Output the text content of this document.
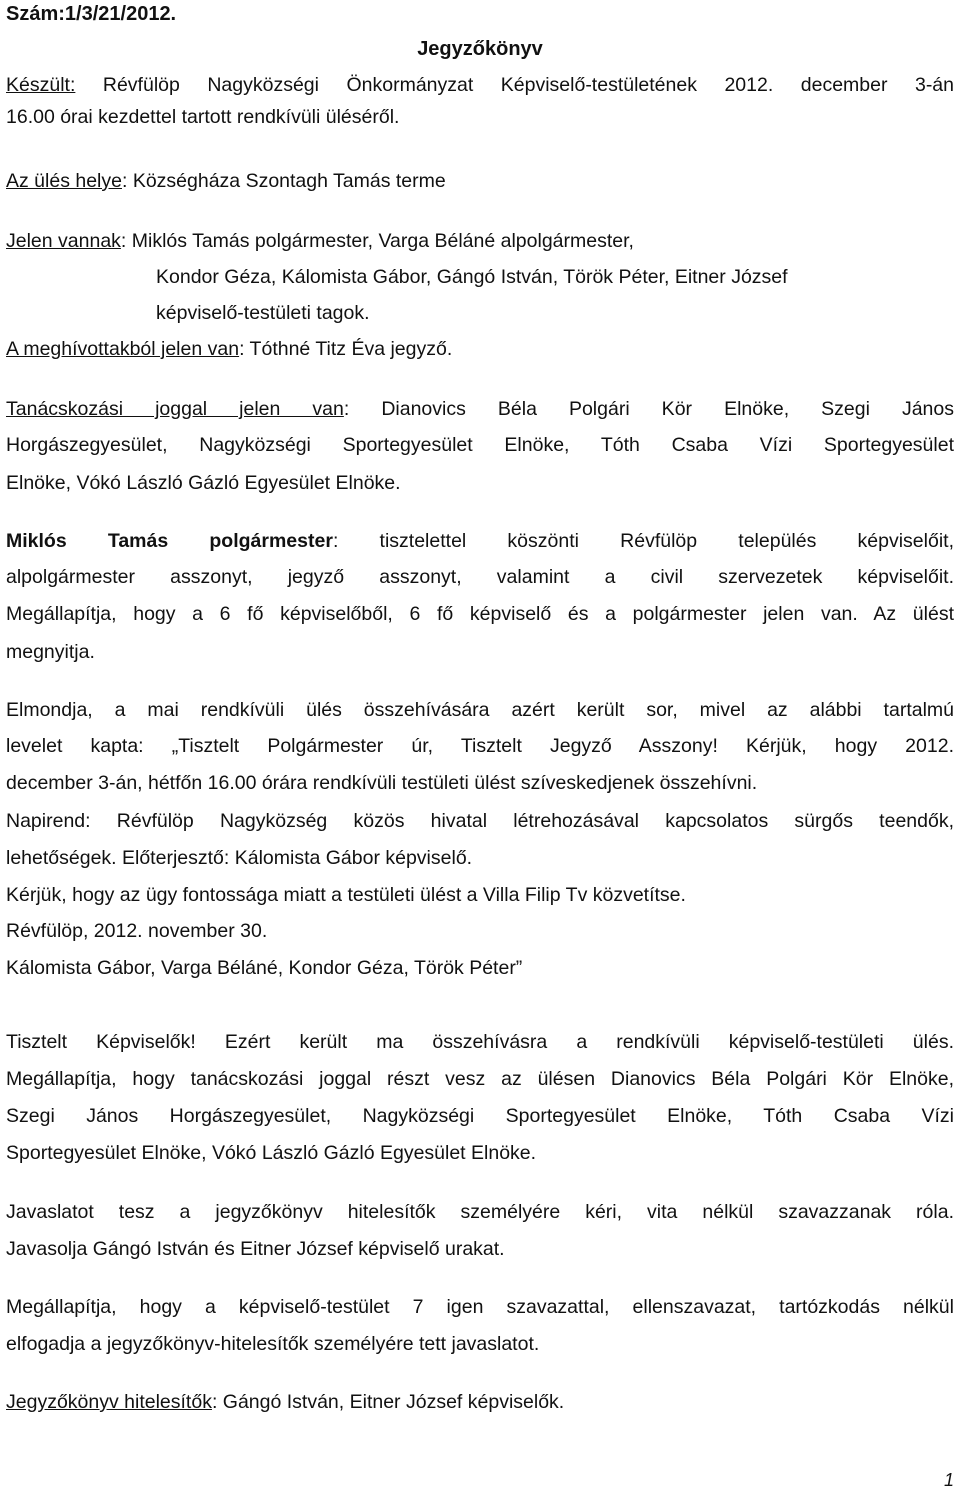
Szám:1/3/21/2012.
Jegyzőkönyv
Készült: Révfülöp Nagyközségi Önkormányzat Képviselő-testületének 2012. december 3-án
16.00 órai kezdettel tartott rendkívüli üléséről.
Az ülés helye: Községháza Szontagh Tamás terme
Jelen vannak: Miklós Tamás polgármester, Varga Béláné alpolgármester,
Kondor Géza, Kálomista Gábor, Gángó István, Török Péter, Eitner József
képviselő-testületi tagok.
A meghívottakból jelen van: Tóthné Titz Éva jegyző.
Tanácskozási joggal jelen van: Dianovics Béla Polgári Kör Elnöke, Szegi János
Horgászegyesület, Nagyközségi Sportegyesület Elnöke, Tóth Csaba Vízi Sportegyesület
Elnöke, Vókó László Gázló Egyesület Elnöke.
Miklós Tamás polgármester: tisztelettel köszönti Révfülöp település képviselőit,
alpolgármester asszonyt, jegyző asszonyt, valamint a civil szervezetek képviselőit.
Megállapítja, hogy a 6 fő képviselőből, 6 fő képviselő és a polgármester jelen van. Az ülést
megnyitja.
Elmondja, a mai rendkívüli ülés összehívására azért került sor, mivel az alábbi tartalmú
levelet kapta: „Tisztelt Polgármester úr, Tisztelt Jegyző Asszony! Kérjük, hogy 2012.
december 3-án, hétfőn 16.00 órára rendkívüli testületi ülést szíveskedjenek összehívni.
Napirend: Révfülöp Nagyközség közös hivatal létrehozásával kapcsolatos sürgős teendők,
lehetőségek. Előterjesztő: Kálomista Gábor képviselő.
Kérjük, hogy az ügy fontossága miatt a testületi ülést a Villa Filip Tv közvetítse.
Révfülöp, 2012. november 30.
Kálomista Gábor, Varga Béláné, Kondor Géza, Török Péter”
Tisztelt Képviselők! Ezért került ma összehívásra a rendkívüli képviselő-testületi ülés.
Megállapítja, hogy tanácskozási joggal részt vesz az ülésen Dianovics Béla Polgári Kör Elnöke,
Szegi János Horgászegyesület, Nagyközségi Sportegyesület Elnöke, Tóth Csaba Vízi
Sportegyesület Elnöke, Vókó László Gázló Egyesület Elnöke.
Javaslatot tesz a jegyzőkönyv hitelesítők személyére kéri, vita nélkül szavazzanak róla.
Javasolja Gángó István és Eitner József képviselő urakat.
Megállapítja, hogy a képviselő-testület 7 igen szavazattal, ellenszavazat, tartózkodás nélkül
elfogadja a jegyzőkönyv-hitelesítők személyére tett javaslatot.
Jegyzőkönyv hitelesítők: Gángó István, Eitner József képviselők.
1
